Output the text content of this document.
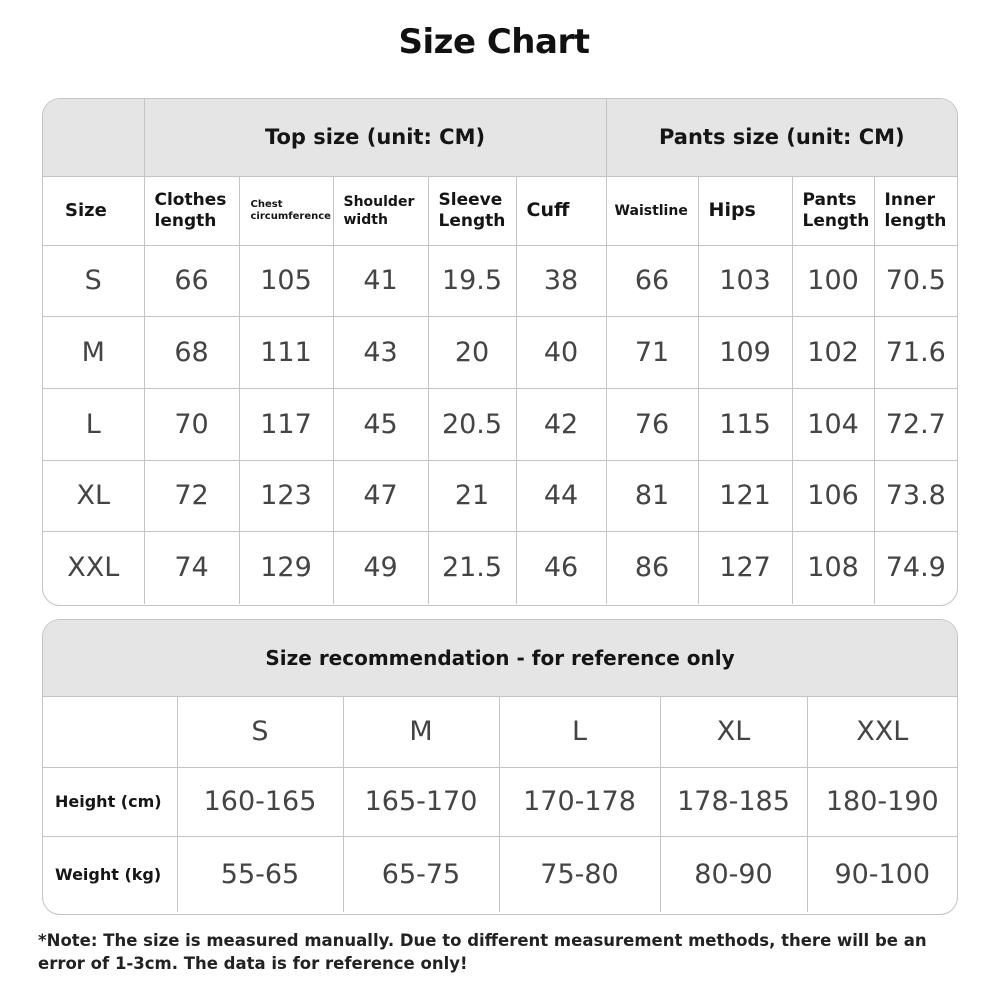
Size Chart
	Top size (unit: CM)					Pants size (unit: CM)			
Size	Clothes length	Chest circumference	Shoulder width	Sleeve Length	Cuff	Waistline	Hips	Pants Length	Inner length
S	66	105	41	19.5	38	66	103	100	70.5
M	68	111	43	20	40	71	109	102	71.6
L	70	117	45	20.5	42	76	115	104	72.7
XL	72	123	47	21	44	81	121	106	73.8
XXL	74	129	49	21.5	46	86	127	108	74.9
Size recommendation - for reference only					
	S	M	L	XL	XXL
Height (cm)	160-165	165-170	170-178	178-185	180-190
Weight (kg)	55-65	65-75	75-80	80-90	90-100
*Note: The size is measured manually. Due to different measurement methods, there will be an error of 1-3cm. The data is for reference only!
